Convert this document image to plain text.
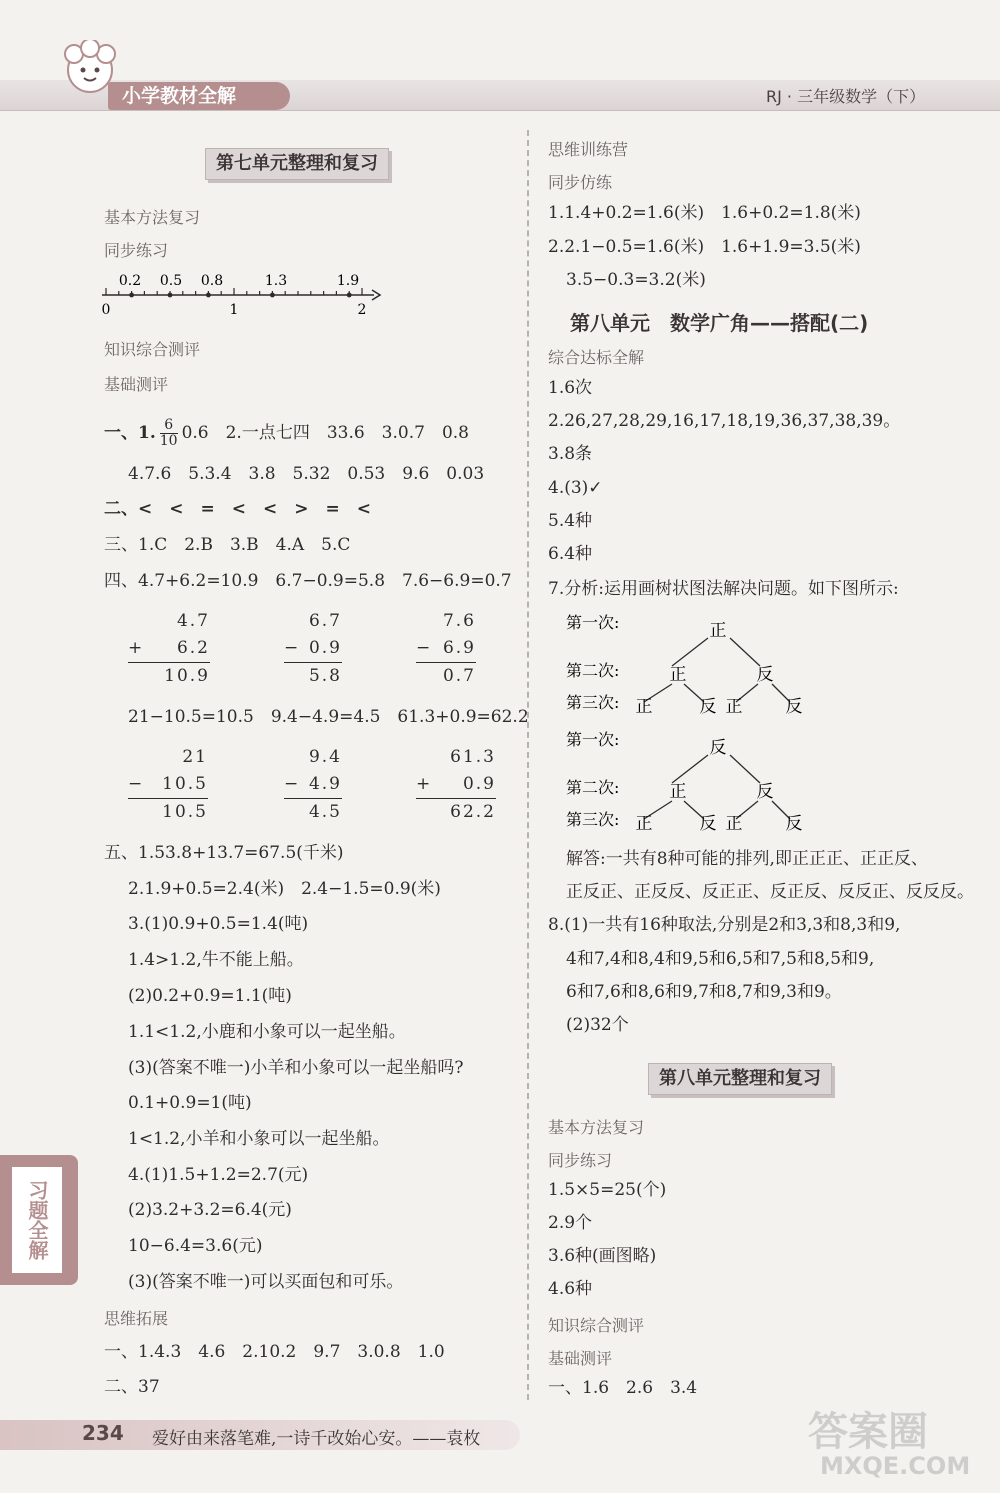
小学教材全解	RJ · 三年级数学（下）
第七单元整理和复习
基本方法复习
同步练习
0.2 0.5 0.8	1.3	1.9
0	1	2
知识综合测评
基础测评
一、1. $\frac{6}{10} 0.6$　2.一点七四　33.6　3.0.7　0.8
4.7.6　5.3.4　3.8　5.32　0.53　9.6　0.03
二、<　<　=　<　<　>　=　<
三、1.C　2.B　3.B　4.A　5.C
四、4.7+6.2=10.9　6.7−0.9=5.8　7.6−6.9=0.7
4.7
+ 6.2
10.9
6.7
− 0.9
5.8
7.6
− 6.9
0.7
21−10.5=10.5　9.4−4.9=4.5　61.3+0.9=62.2
21
− 10.5
10.5
9.4
− 4.9
4.5
61.3
+ 0.9
62.2
五、1.53.8+13.7=67.5(千米)
2.1.9+0.5=2.4(米)　2.4−1.5=0.9(米)
3.(1)0.9+0.5=1.4(吨)
1.4>1.2,牛不能上船。
(2)0.2+0.9=1.1(吨)
1.1<1.2,小鹿和小象可以一起坐船。
(3)(答案不唯一)小羊和小象可以一起坐船吗?
0.1+0.9=1(吨)
1<1.2,小羊和小象可以一起坐船。
4.(1)1.5+1.2=2.7(元)
(2)3.2+3.2=6.4(元)
10−6.4=3.6(元)
(3)(答案不唯一)可以买面包和可乐。
思维拓展
一、1.4.3　4.6　2.10.2　9.7　3.0.8　1.0
二、37
思维训练营
同步仿练
1.1.4+0.2=1.6(米)　1.6+0.2=1.8(米)
2.2.1−0.5=1.6(米)　1.6+1.9=3.5(米)
3.5−0.3=3.2(米)
第八单元　数学广角——搭配(二)
综合达标全解
1.6次
2.26,27,28,29,16,17,18,19,36,37,38,39。
3.8条
4.(3)✓
5.4种
6.4种
7.分析:运用画树状图法解决问题。如下图所示:
第一次:
第二次:
第三次:
正
正	反
正	反 正	反
第一次:
第二次:
第三次:
反
正	反
正	反 正	反
解答:一共有8种可能的排列,即正正正、正正反、
正反正、正反反、反正正、反正反、反反正、反反反。
8.(1)一共有16种取法,分别是2和3,3和8,3和9,
4和7,4和8,4和9,5和6,5和7,5和8,5和9,
6和7,6和8,6和9,7和8,7和9,3和9。
(2)32个
第八单元整理和复习
基本方法复习
同步练习
1.5×5=25(个)
2.9个
3.6种(画图略)
4.6种
知识综合测评
基础测评
一、1.6　2.6　3.4
习题全解
234 爱好由来落笔难,一诗千改始心安。——袁枚	答案圈
MXQE.COM
